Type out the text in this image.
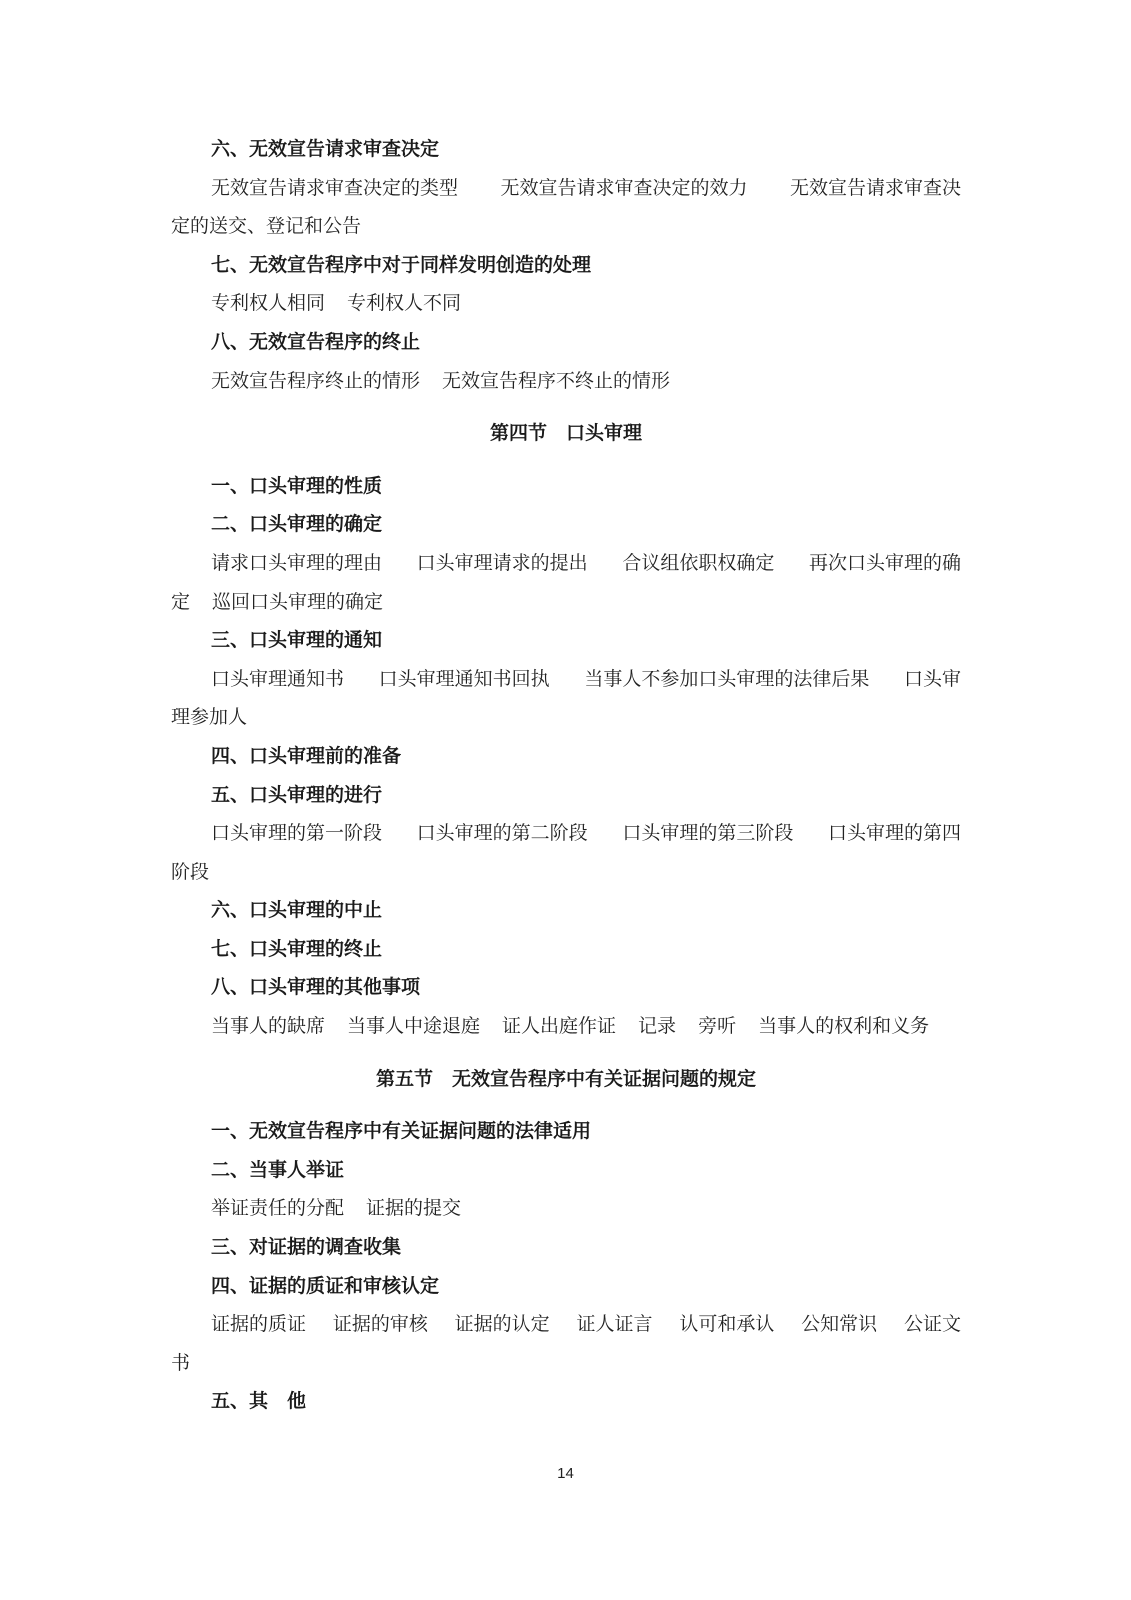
六、无效宣告请求审查决定
无效宣告请求审查决定的类型 无效宣告请求审查决定的效力 无效宣告请求审查决
定的送交、登记和公告
七、无效宣告程序中对于同样发明创造的处理
专利权人相同 专利权人不同
八、无效宣告程序的终止
无效宣告程序终止的情形 无效宣告程序不终止的情形
第四节　口头审理
一、口头审理的性质
二、口头审理的确定
请求口头审理的理由 口头审理请求的提出 合议组依职权确定 再次口头审理的确
定 巡回口头审理的确定
三、口头审理的通知
口头审理通知书 口头审理通知书回执 当事人不参加口头审理的法律后果 口头审
理参加人
四、口头审理前的准备
五、口头审理的进行
口头审理的第一阶段 口头审理的第二阶段 口头审理的第三阶段 口头审理的第四
阶段
六、口头审理的中止
七、口头审理的终止
八、口头审理的其他事项
当事人的缺席 当事人中途退庭 证人出庭作证 记录 旁听 当事人的权利和义务
第五节　无效宣告程序中有关证据问题的规定
一、无效宣告程序中有关证据问题的法律适用
二、当事人举证
举证责任的分配 证据的提交
三、对证据的调查收集
四、证据的质证和审核认定
证据的质证 证据的审核 证据的认定 证人证言 认可和承认 公知常识 公证文
书
五、其　他
14
